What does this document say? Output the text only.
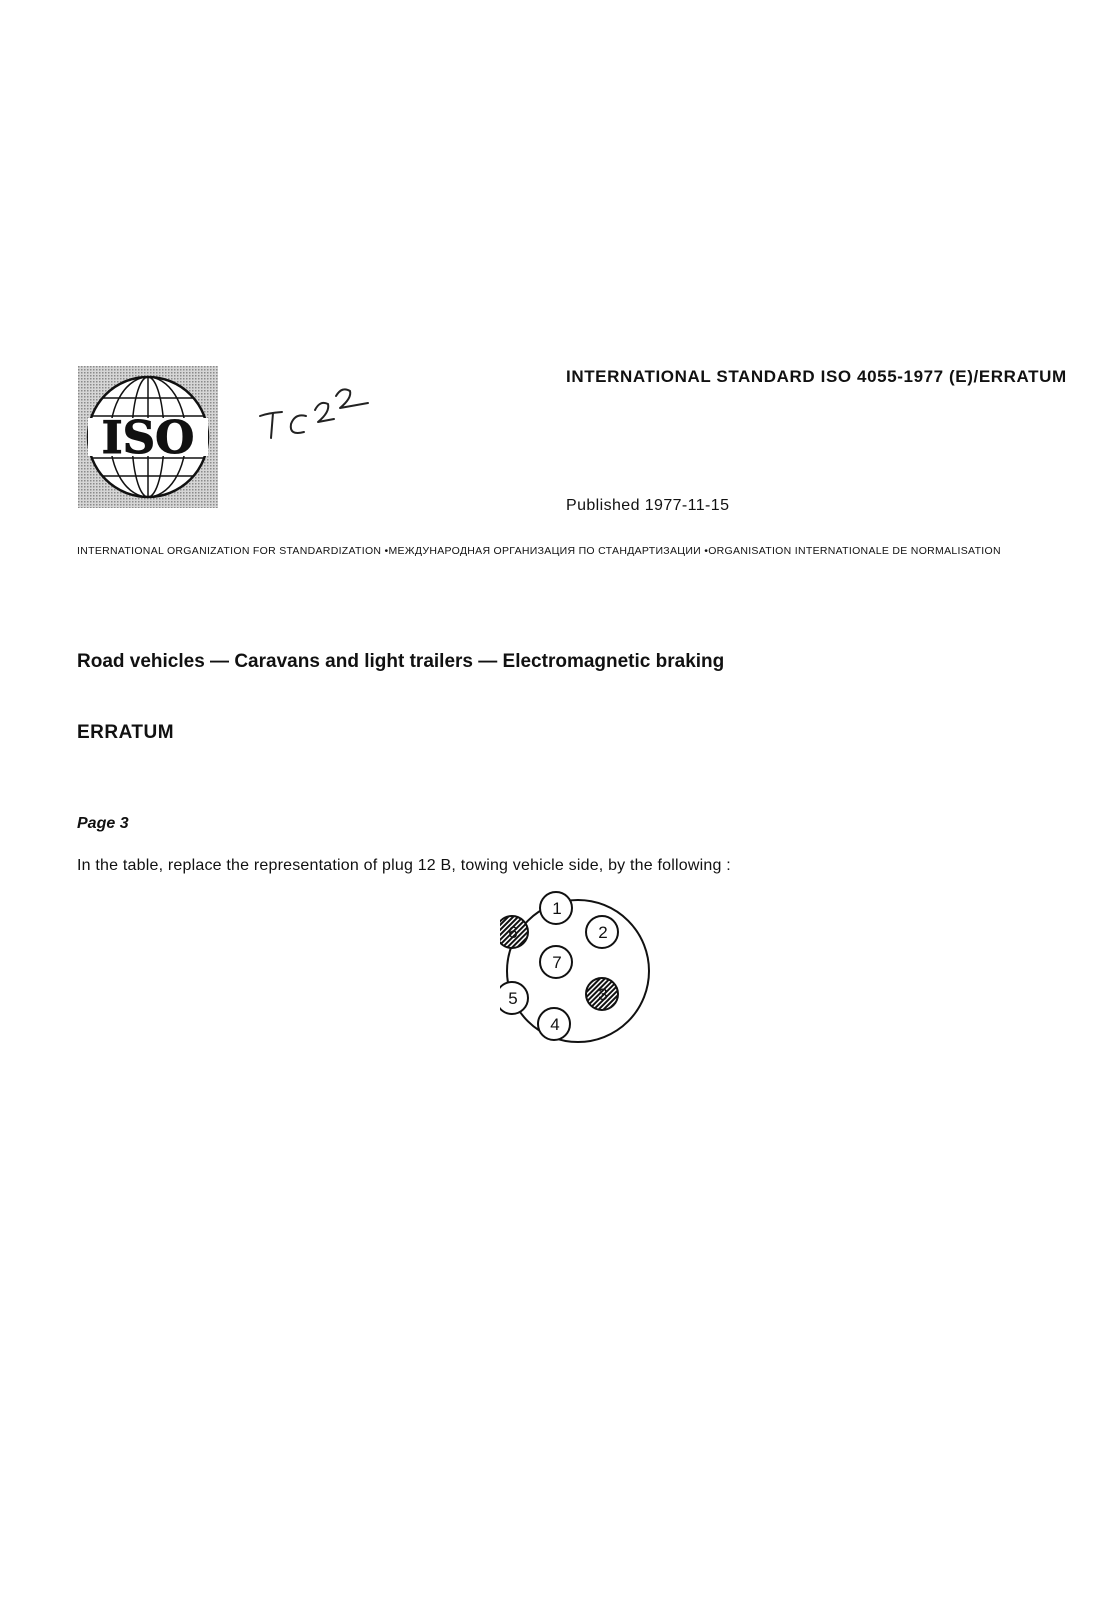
ISO
INTERNATIONAL STANDARD ISO 4055-1977 (E)/ERRATUM
Published 1977-11-15
INTERNATIONAL ORGANIZATION FOR STANDARDIZATION •МЕЖДУНАРОДНАЯ ОРГАНИЗАЦИЯ ПО СТАНДАРТИЗАЦИИ •ORGANISATION INTERNATIONALE DE NORMALISATION
Road vehicles — Caravans and light trailers — Electromagnetic braking
ERRATUM
Page 3
In the table, replace the representation of plug 12 B, towing vehicle side, by the following :
1
2
3
4
5
6
7
